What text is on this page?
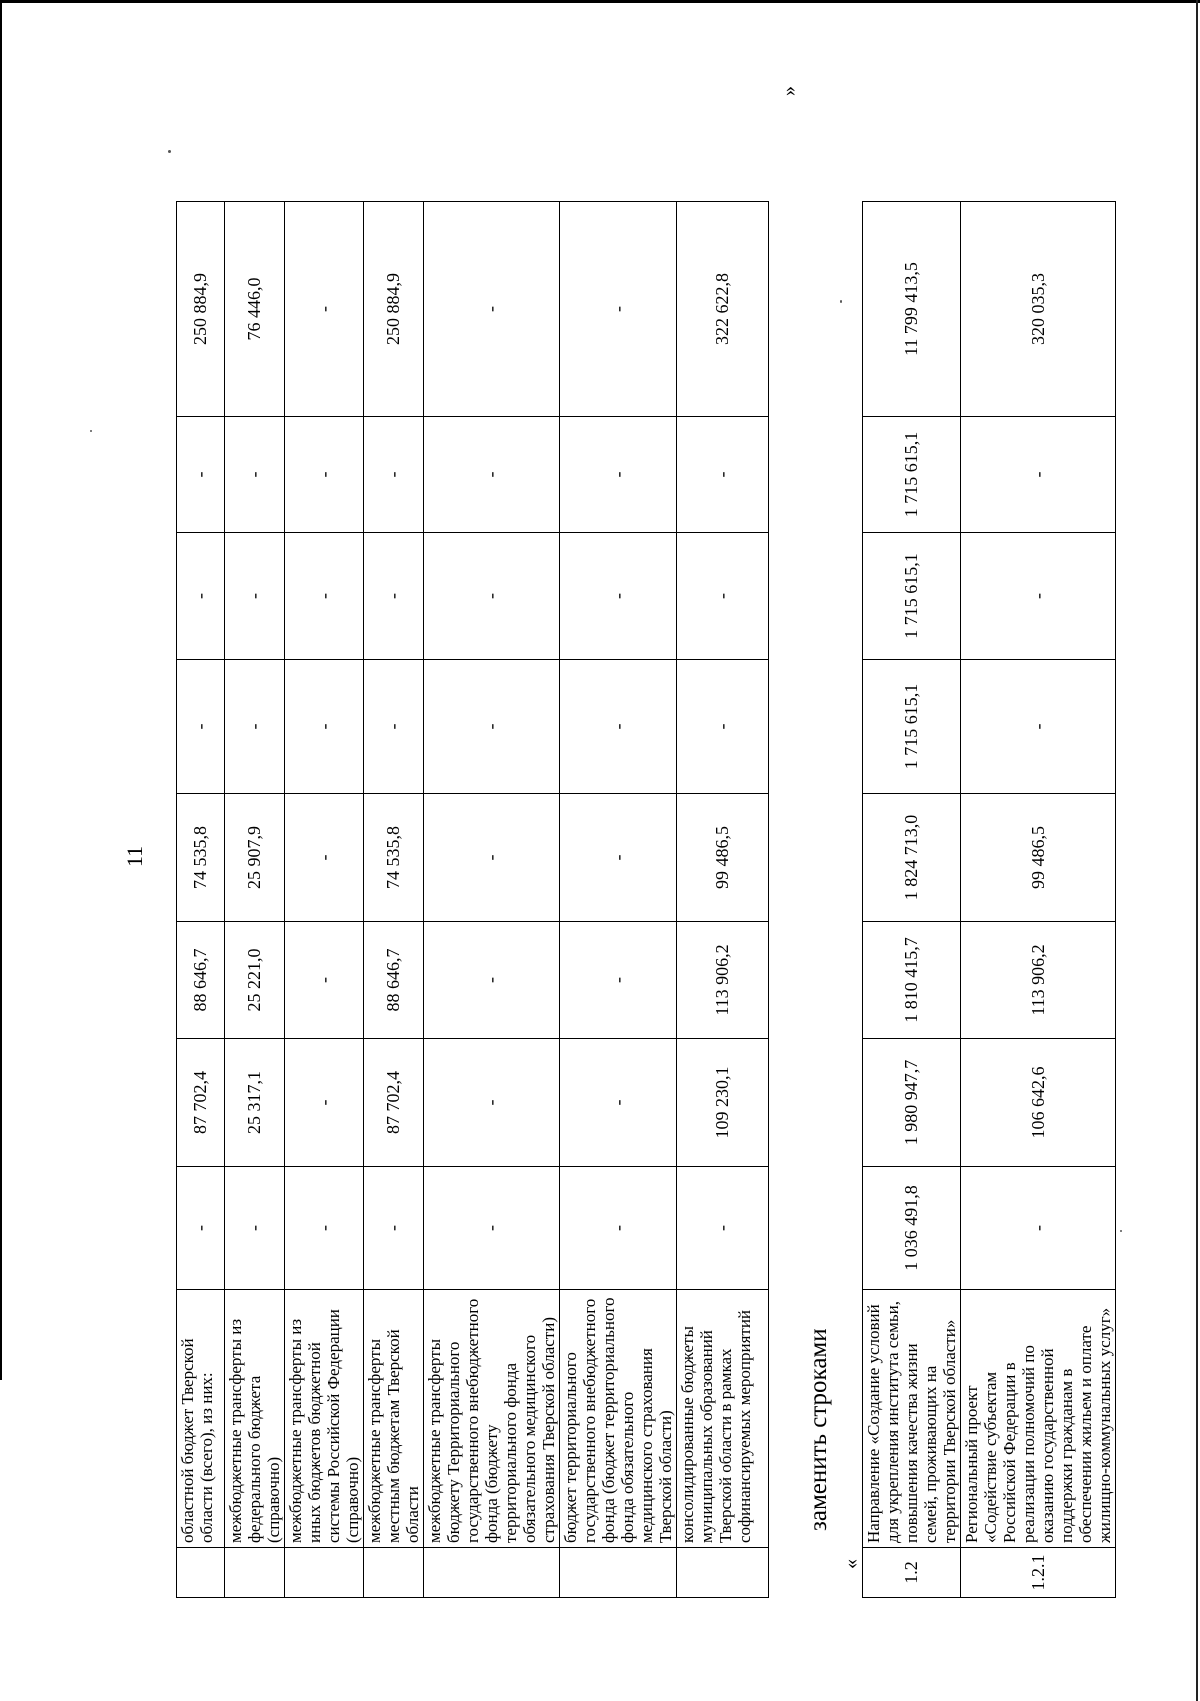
11
	областной бюджет Тверской области (всего), из них:	-	87 702,4	88 646,7	74 535,8	-	-	-	250 884,9
	межбюджетные трансферты из федерального бюджета (справочно)	-	25 317,1	25 221,0	25 907,9	-	-	-	76 446,0
	межбюджетные трансферты из иных бюджетов бюджетной системы Российской Федерации (справочно)	-	-	-	-	-	-	-	-
	межбюджетные трансферты местным бюджетам Тверской области	-	87 702,4	88 646,7	74 535,8	-	-	-	250 884,9
	межбюджетные трансферты бюджету Территориального государственного внебюджетного фонда (бюджету территориального фонда обязательного медицинского страхования Тверской области)	-	-	-	-	-	-	-	-
	бюджет территориального государственного внебюджетного фонда (бюджет территориального фонда обязательного медицинского страхования Тверской области)	-	-	-	-	-	-	-	-
	консолидированные бюджеты муниципальных образований Тверской области в рамках софинансируемых мероприятий	-	109 230,1	113 906,2	99 486,5	-	-	-	322 622,8
заменить строками
«
»
1.2	Направление «Создание условий для укрепления института семьи, повышения качества жизни семей, проживающих на территории Тверской области»	1 036 491,8	1 980 947,7	1 810 415,7	1 824 713,0	1 715 615,1	1 715 615,1	1 715 615,1	11 799 413,5
1.2.1	Региональный проект «Содействие субъектам Российской Федерации в реализации полномочий по оказанию государственной поддержки гражданам в обеспечении жильем и оплате жилищно-коммунальных услуг»	-	106 642,6	113 906,2	99 486,5	-	-	-	320 035,3
